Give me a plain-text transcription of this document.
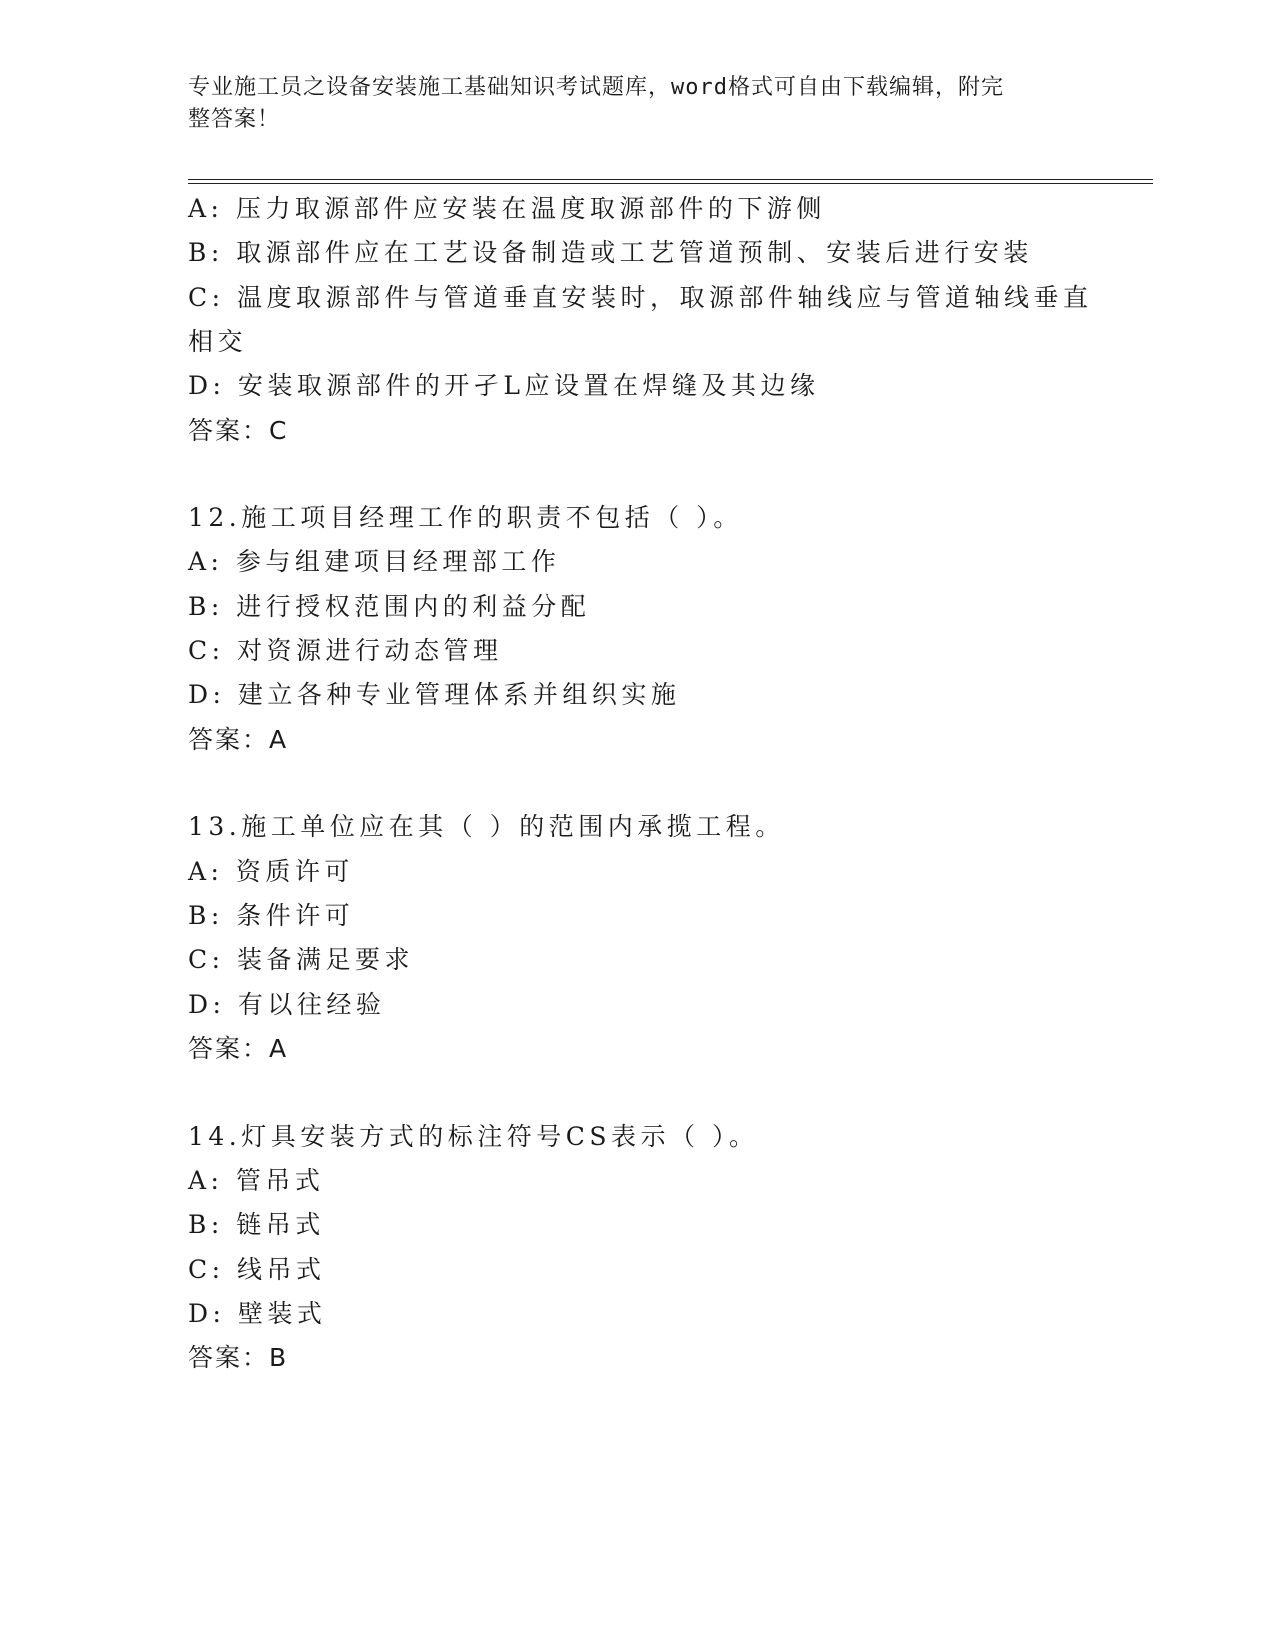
专业施工员之设备安装施工基础知识考试题库，word格式可自由下载编辑，附完
整答案！
A: 压力取源部件应安装在温度取源部件的下游侧
B: 取源部件应在工艺设备制造或工艺管道预制、安装后进行安装
C: 温度取源部件与管道垂直安装时，取源部件轴线应与管道轴线垂直
相交
D: 安装取源部件的开孑L应设置在焊缝及其边缘
答案：C
12.施工项目经理工作的职责不包括（ ）。
A: 参与组建项目经理部工作
B: 进行授权范围内的利益分配
C: 对资源进行动态管理
D: 建立各种专业管理体系并组织实施
答案：A
13.施工单位应在其（ ）的范围内承揽工程。
A: 资质许可
B: 条件许可
C: 装备满足要求
D: 有以往经验
答案：A
14.灯具安装方式的标注符号CS表示（ ）。
A: 管吊式
B: 链吊式
C: 线吊式
D: 壁装式
答案：B
